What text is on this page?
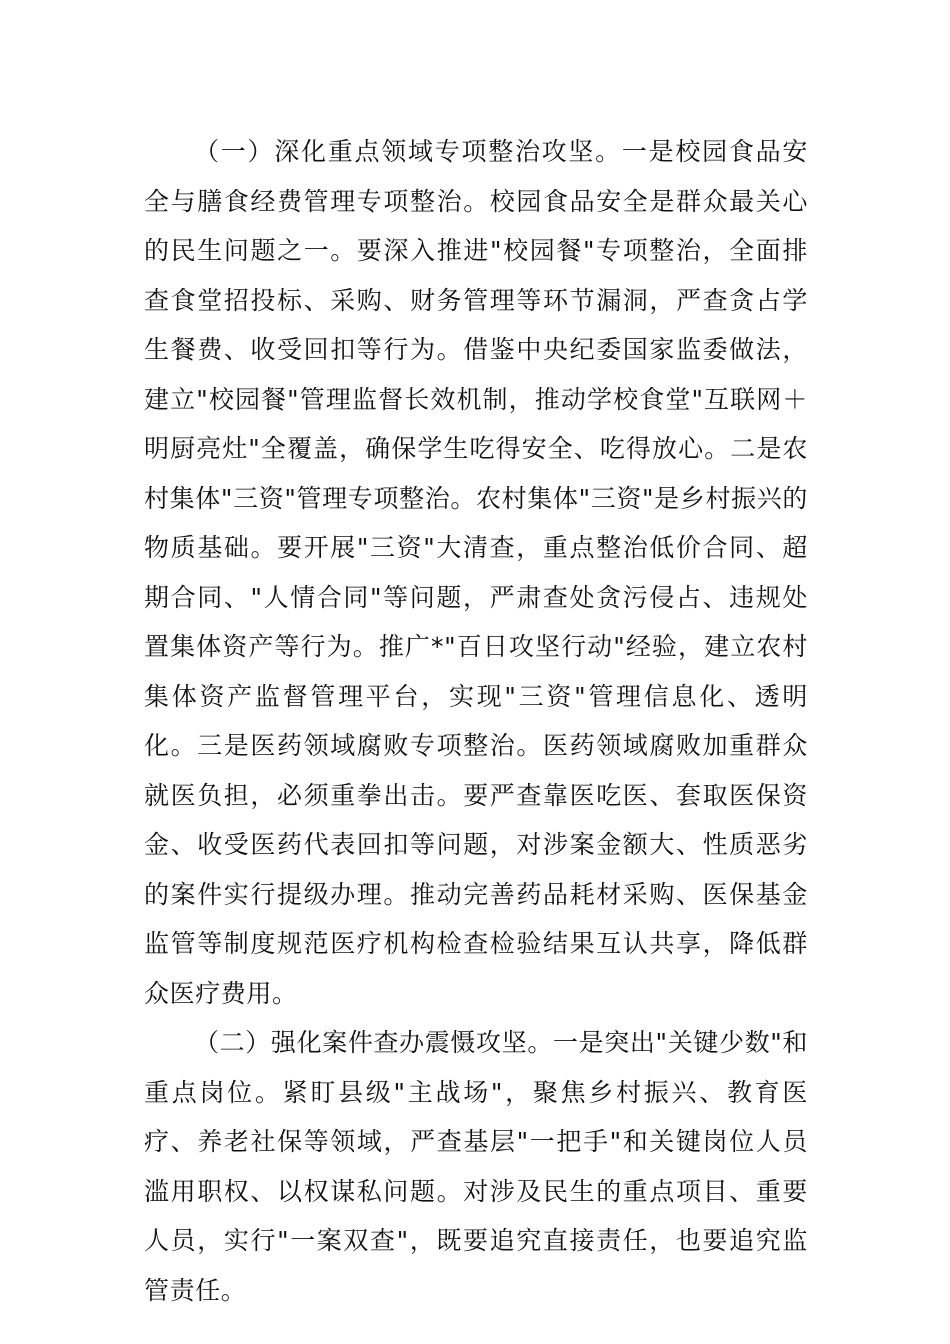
（一）深化重点领域专项整治攻坚。一是校园食品安全与膳食经费管理专项整治。校园食品安全是群众最关心的民生问题之一。要深入推进"校园餐"专项整治，全面排查食堂招投标、采购、财务管理等环节漏洞，严查贪占学生餐费、收受回扣等行为。借鉴中央纪委国家监委做法，建立"校园餐"管理监督长效机制，推动学校食堂"互联网＋明厨亮灶"全覆盖，确保学生吃得安全、吃得放心。二是农村集体"三资"管理专项整治。农村集体"三资"是乡村振兴的物质基础。要开展"三资"大清查，重点整治低价合同、超期合同、"人情合同"等问题，严肃查处贪污侵占、违规处置集体资产等行为。推广*"百日攻坚行动"经验，建立农村集体资产监督管理平台，实现"三资"管理信息化、透明化。三是医药领域腐败专项整治。医药领域腐败加重群众就医负担，必须重拳出击。要严查靠医吃医、套取医保资金、收受医药代表回扣等问题，对涉案金额大、性质恶劣的案件实行提级办理。推动完善药品耗材采购、医保基金监管等制度规范医疗机构检查检验结果互认共享，降低群众医疗费用。

（二）强化案件查办震慑攻坚。一是突出"关键少数"和重点岗位。紧盯县级"主战场"，聚焦乡村振兴、教育医疗、养老社保等领域，严查基层"一把手"和关键岗位人员滥用职权、以权谋私问题。对涉及民生的重点项目、重要人员，实行"一案双查"，既要追究直接责任，也要追究监管责任。
